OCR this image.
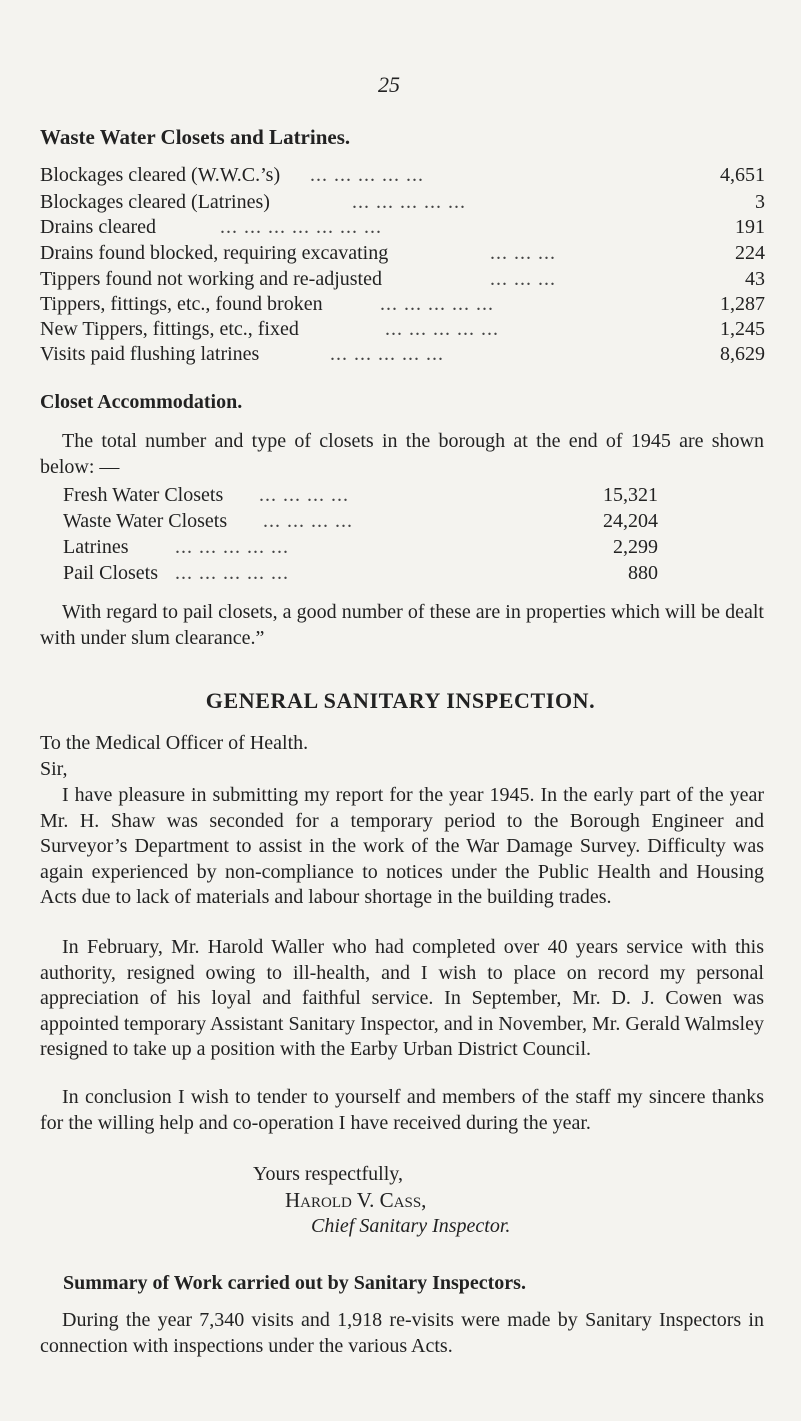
25
Waste Water Closets and Latrines.
Blockages cleared (W.W.C.’s) ... ... ... ... ...	4,651
Blockages cleared (Latrines)	... ... ... ... ...	3
Drains cleared	... ... ... ... ... ... ...	191
Drains found blocked, requiring excavating	... ... ...	224
Tippers found not working and re-adjusted	... ... ...	43
Tippers, fittings, etc., found broken	... ... ... ... ...	1,287
New Tippers, fittings, etc., fixed	... ... ... ... ...	1,245
Visits paid flushing latrines	... ... ... ... ...	8,629
Closet Accommodation.
The total number and type of closets in the borough at the end of 1945 are shown below: —
Fresh Water Closets ... ... ... ...	15,321
Waste Water Closets ... ... ... ...	24,204
Latrines ... ... ... ... ...	2,299
Pail Closets ... ... ... ... ...	880
With regard to pail closets, a good number of these are in properties which will be dealt with under slum clearance.”
GENERAL SANITARY INSPECTION.
To the Medical Officer of Health.
Sir,
I have pleasure in submitting my report for the year 1945. In the early part of the year Mr. H. Shaw was seconded for a temporary period to the Borough Engineer and Surveyor’s Department to assist in the work of the War Damage Survey. Difficulty was again experienced by non-compliance to notices under the Public Health and Housing Acts due to lack of materials and labour shortage in the building trades.
In February, Mr. Harold Waller who had completed over 40 years service with this authority, resigned owing to ill-health, and I wish to place on record my personal appreciation of his loyal and faithful service. In September, Mr. D. J. Cowen was appointed temporary Assistant Sanitary Inspector, and in November, Mr. Gerald Walmsley resigned to take up a position with the Earby Urban District Council.
In conclusion I wish to tender to yourself and members of the staff my sincere thanks for the willing help and co-operation I have received during the year.
Yours respectfully,
Harold V. Cass,
Chief Sanitary Inspector.
Summary of Work carried out by Sanitary Inspectors.
During the year 7,340 visits and 1,918 re-visits were made by Sanitary Inspectors in connection with inspections under the various Acts.
